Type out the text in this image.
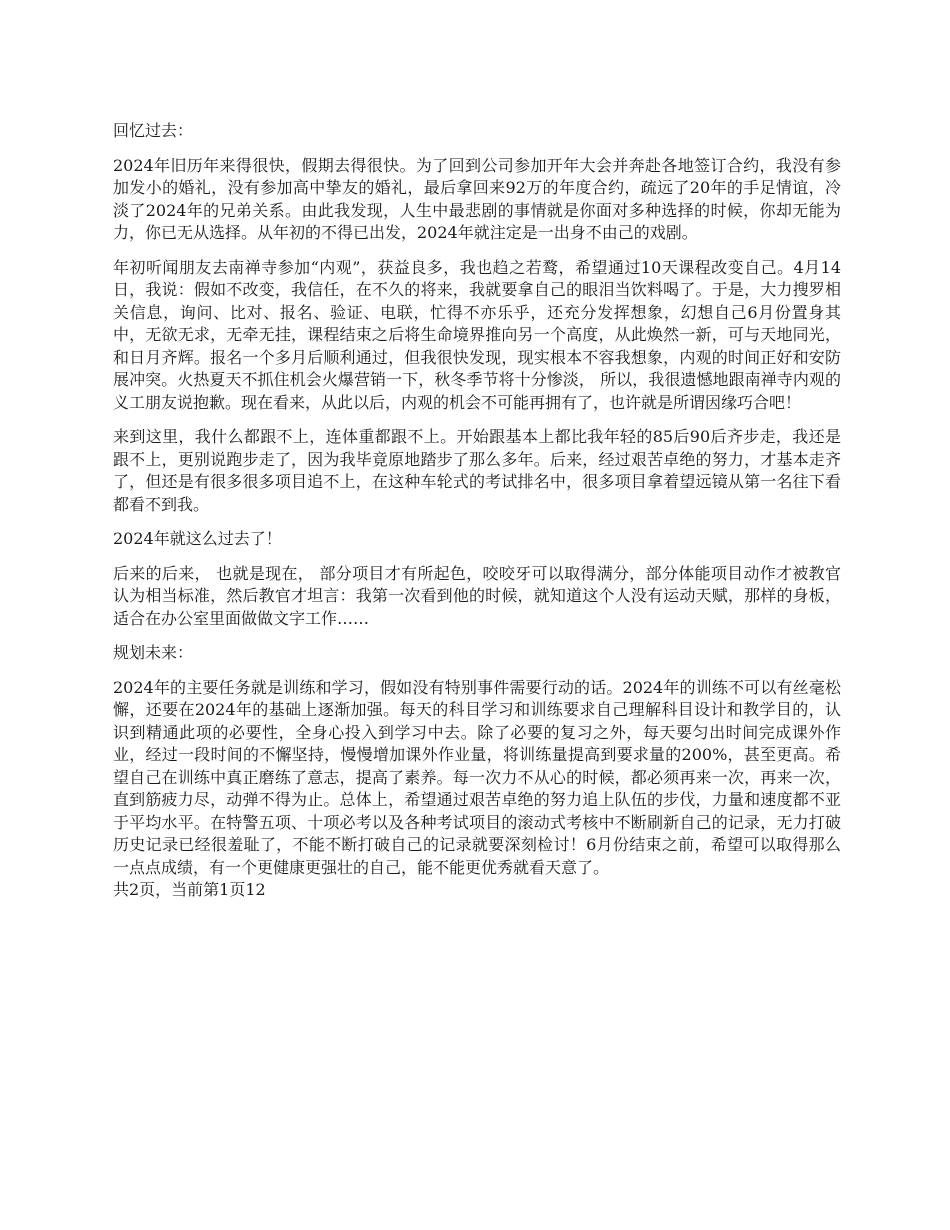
回忆过去：

2024年旧历年来得很快，假期去得很快。为了回到公司参加开年大会并奔赴各地签订合约，我没有参加发小的婚礼，没有参加高中挚友的婚礼，最后拿回来92万的年度合约，疏远了20年的手足情谊，冷淡了2024年的兄弟关系。由此我发现，人生中最悲剧的事情就是你面对多种选择的时候，你却无能为力，你已无从选择。从年初的不得已出发，2024年就注定是一出身不由己的戏剧。

年初听闻朋友去南禅寺参加“内观”，获益良多，我也趋之若鹜，希望通过10天课程改变自己。4月14日，我说：假如不改变，我信任，在不久的将来，我就要拿自己的眼泪当饮料喝了。于是，大力搜罗相关信息，询问、比对、报名、验证、电联，忙得不亦乐乎，还充分发挥想象，幻想自己6月份置身其中，无欲无求，无牵无挂，课程结束之后将生命境界推向另一个高度，从此焕然一新，可与天地同光，和日月齐辉。报名一个多月后顺利通过，但我很快发现，现实根本不容我想象，内观的时间正好和安防展冲突。火热夏天不抓住机会火爆营销一下，秋冬季节将十分惨淡， 所以，我很遗憾地跟南禅寺内观的义工朋友说抱歉。现在看来，从此以后，内观的机会不可能再拥有了，也许就是所谓因缘巧合吧！

来到这里，我什么都跟不上，连体重都跟不上。开始跟基本上都比我年轻的85后90后齐步走，我还是跟不上，更别说跑步走了，因为我毕竟原地踏步了那么多年。后来，经过艰苦卓绝的努力，才基本走齐了，但还是有很多很多项目追不上，在这种车轮式的考试排名中，很多项目拿着望远镜从第一名往下看都看不到我。

2024年就这么过去了！

后来的后来， 也就是现在， 部分项目才有所起色，咬咬牙可以取得满分，部分体能项目动作才被教官认为相当标准，然后教官才坦言：我第一次看到他的时候，就知道这个人没有运动天赋，那样的身板，适合在办公室里面做做文字工作……

规划未来：

2024年的主要任务就是训练和学习，假如没有特别事件需要行动的话。2024年的训练不可以有丝毫松懈，还要在2024年的基础上逐渐加强。每天的科目学习和训练要求自己理解科目设计和教学目的，认识到精通此项的必要性，全身心投入到学习中去。除了必要的复习之外，每天要匀出时间完成课外作业，经过一段时间的不懈坚持，慢慢增加课外作业量，将训练量提高到要求量的200%，甚至更高。希望自己在训练中真正磨练了意志，提高了素养。每一次力不从心的时候，都必须再来一次，再来一次，直到筋疲力尽，动弹不得为止。总体上，希望通过艰苦卓绝的努力追上队伍的步伐，力量和速度都不亚于平均水平。在特警五项、十项必考以及各种考试项目的滚动式考核中不断刷新自己的记录，无力打破历史记录已经很羞耻了，不能不断打破自己的记录就要深刻检讨！6月份结束之前，希望可以取得那么一点点成绩，有一个更健康更强壮的自己，能不能更优秀就看天意了。

共2页，当前第1页12
